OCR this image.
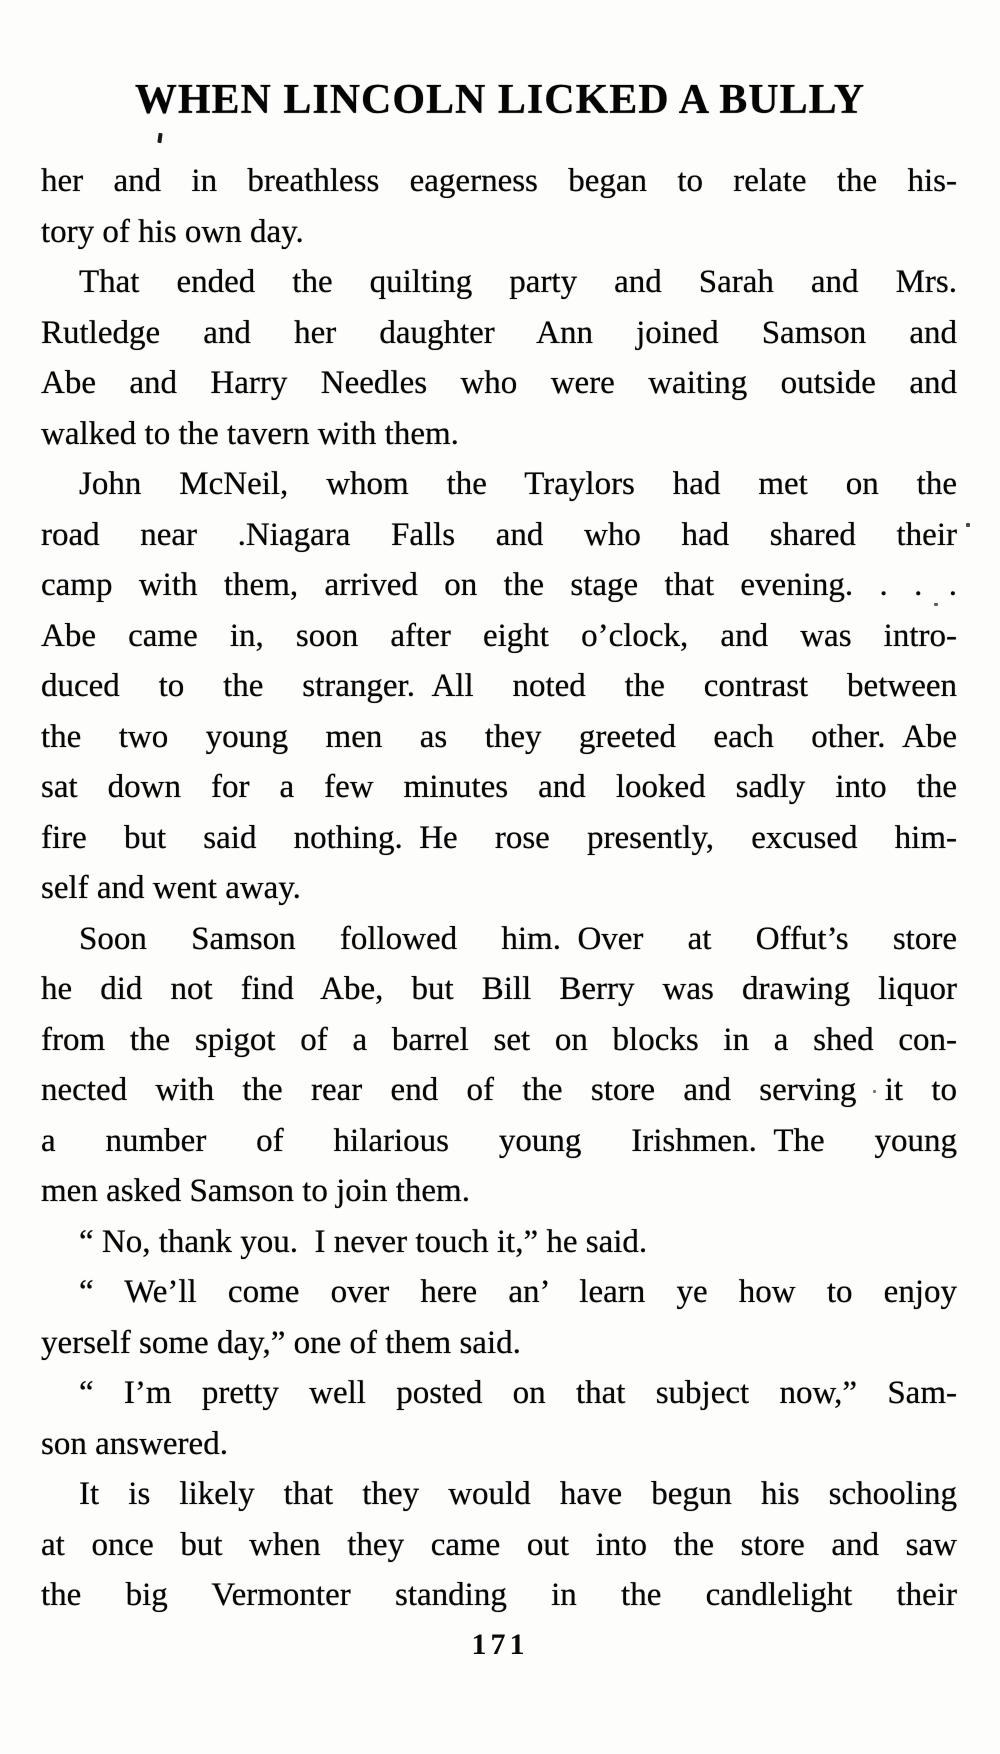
WHEN LINCOLN LICKED A BULLY
her and in breathless eagerness began to relate the his-
tory of his own day.
That ended the quilting party and Sarah and Mrs.
Rutledge and her daughter Ann joined Samson and
Abe and Harry Needles who were waiting outside and
walked to the tavern with them.
John McNeil, whom the Traylors had met on the
road near .Niagara Falls and who had shared their
camp with them, arrived on the stage that evening. . . .
Abe came in, soon after eight o’clock, and was intro-
duced to the stranger. All noted the contrast between
the two young men as they greeted each other. Abe
sat down for a few minutes and looked sadly into the
fire but said nothing. He rose presently, excused him-
self and went away.
Soon Samson followed him. Over at Offut’s store
he did not find Abe, but Bill Berry was drawing liquor
from the spigot of a barrel set on blocks in a shed con-
nected with the rear end of the store and serving it to
a number of hilarious young Irishmen. The young
men asked Samson to join them.
“ No, thank you. I never touch it,” he said.
“ We’ll come over here an’ learn ye how to enjoy
yerself some day,” one of them said.
“ I’m pretty well posted on that subject now,” Sam-
son answered.
It is likely that they would have begun his schooling
at once but when they came out into the store and saw
the big Vermonter standing in the candlelight their
171
